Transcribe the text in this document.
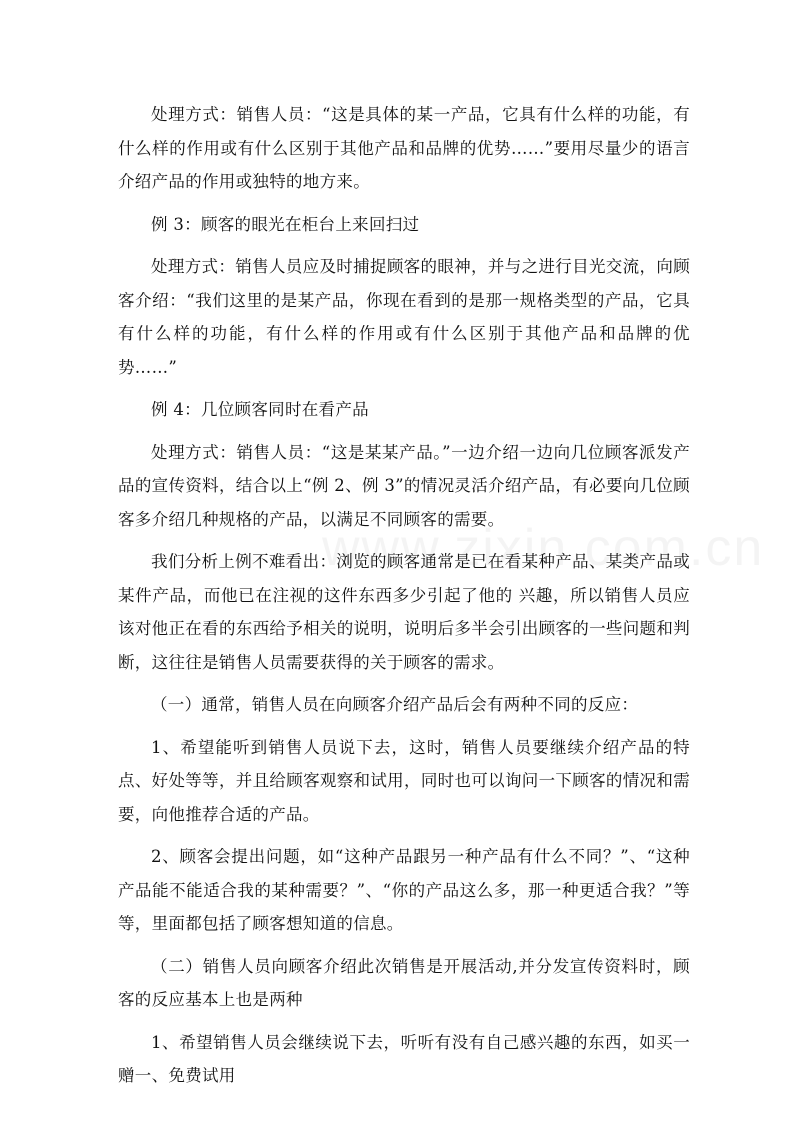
处理方式：销售人员：“这是具体的某一产品，它具有什么样的功能，有什么样的作用或有什么区别于其他产品和品牌的优势……”要用尽量少的语言介绍产品的作用或独特的地方来。

例 3：顾客的眼光在柜台上来回扫过

处理方式：销售人员应及时捕捉顾客的眼神，并与之进行目光交流，向顾客介绍：“我们这里的是某产品，你现在看到的是那一规格类型的产品，它具有什么样的功能，有什么样的作用或有什么区别于其他产品和品牌的优势……”

例 4：几位顾客同时在看产品

处理方式：销售人员：“这是某某产品。”一边介绍一边向几位顾客派发产品的宣传资料，结合以上“例 2、例 3”的情况灵活介绍产品，有必要向几位顾客多介绍几种规格的产品，以满足不同顾客的需要。

我们分析上例不难看出：浏览的顾客通常是已在看某种产品、某类产品或某件产品，而他已在注视的这件东西多少引起了他的 兴趣，所以销售人员应该对他正在看的东西给予相关的说明，说明后多半会引出顾客的一些问题和判断，这往往是销售人员需要获得的关于顾客的需求。

（一）通常，销售人员在向顾客介绍产品后会有两种不同的反应：

1、希望能听到销售人员说下去，这时，销售人员要继续介绍产品的特点、好处等等，并且给顾客观察和试用，同时也可以询问一下顾客的情况和需要，向他推荐合适的产品。

2、顾客会提出问题，如“这种产品跟另一种产品有什么不同？”、“这种产品能不能适合我的某种需要？”、“你的产品这么多，那一种更适合我？”等等，里面都包括了顾客想知道的信息。

（二）销售人员向顾客介绍此次销售是开展活动,并分发宣传资料时，顾客的反应基本上也是两种

1、希望销售人员会继续说下去，听听有没有自己感兴趣的东西，如买一赠一、免费试用
